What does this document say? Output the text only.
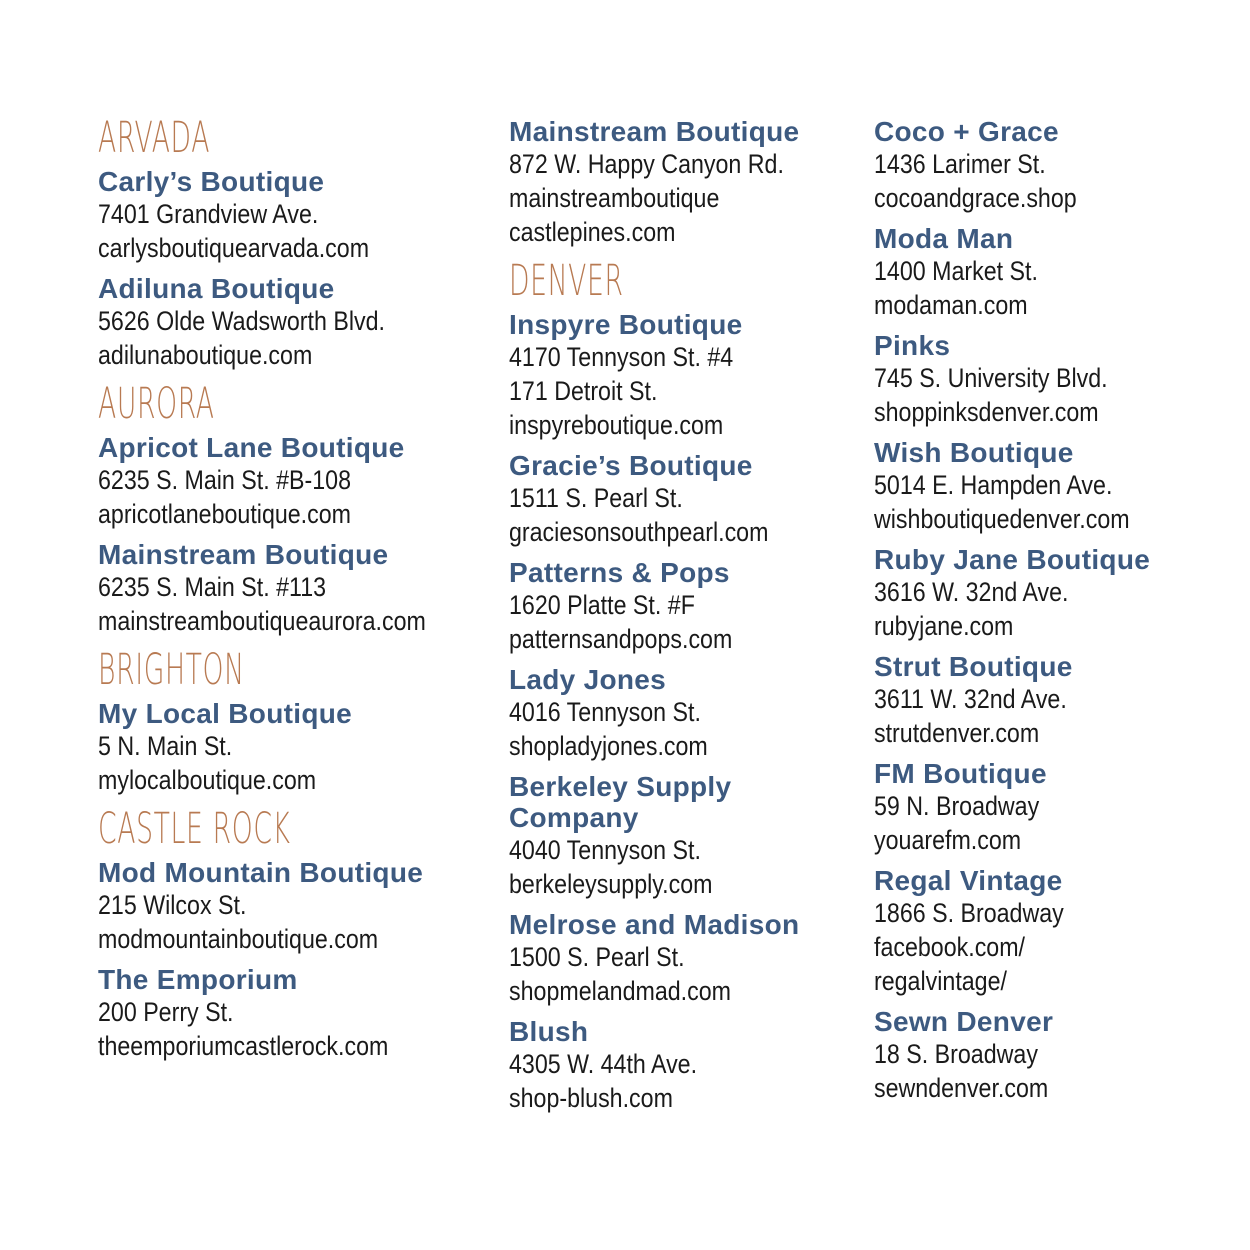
ARVADA
Carly’s Boutique
7401 Grandview Ave.
carlysboutiquearvada.com
Adiluna Boutique
5626 Olde Wadsworth Blvd.
adilunaboutique.com
AURORA
Apricot Lane Boutique
6235 S. Main St. #B-108
apricotlaneboutique.com
Mainstream Boutique
6235 S. Main St. #113
mainstreamboutiqueaurora.com
BRIGHTON
My Local Boutique
5 N. Main St.
mylocalboutique.com
CASTLE ROCK
Mod Mountain Boutique
215 Wilcox St.
modmountainboutique.com
The Emporium
200 Perry St.
theemporiumcastlerock.com
Mainstream Boutique
872 W. Happy Canyon Rd.
mainstreamboutique
castlepines.com
DENVER
Inspyre Boutique
4170 Tennyson St. #4
171 Detroit St.
inspyreboutique.com
Gracie’s Boutique
1511 S. Pearl St.
graciesonsouthpearl.com
Patterns & Pops
1620 Platte St. #F
patternsandpops.com
Lady Jones
4016 Tennyson St.
shopladyjones.com
Berkeley Supply Company
4040 Tennyson St.
berkeleysupply.com
Melrose and Madison
1500 S. Pearl St.
shopmelandmad.com
Blush
4305 W. 44th Ave.
shop-blush.com
Coco + Grace
1436 Larimer St.
cocoandgrace.shop
Moda Man
1400 Market St.
modaman.com
Pinks
745 S. University Blvd.
shoppinksdenver.com
Wish Boutique
5014 E. Hampden Ave.
wishboutiquedenver.com
Ruby Jane Boutique
3616 W. 32nd Ave.
rubyjane.com
Strut Boutique
3611 W. 32nd Ave.
strutdenver.com
FM Boutique
59 N. Broadway
youarefm.com
Regal Vintage
1866 S. Broadway
facebook.com/
regalvintage/
Sewn Denver
18 S. Broadway
sewndenver.com
